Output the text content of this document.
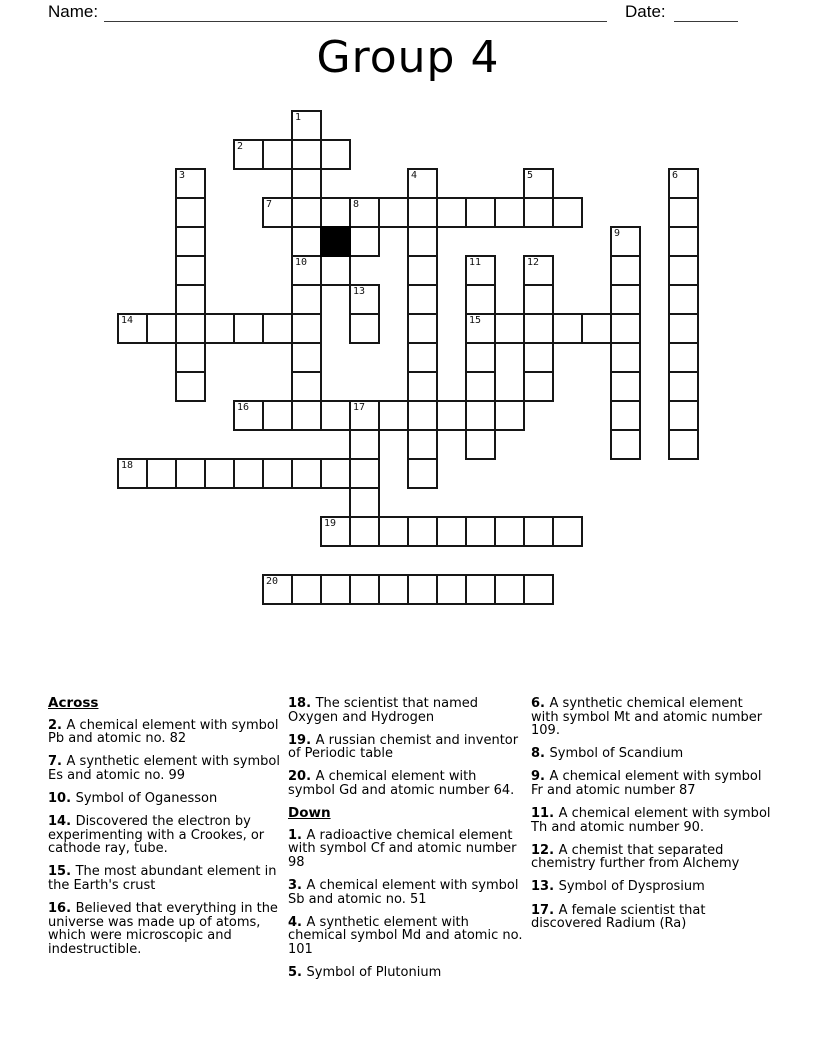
Name:	Date:
Group 4
1
2
3	4	5	6
7	8
9
10	11	12
13
14	15
16	17
18
19
20

Across

2. A chemical element with symbol Pb and atomic no. 82

7. A synthetic element with symbol Es and atomic no. 99

10. Symbol of Oganesson

14. Discovered the electron by experimenting with a Crookes, or cathode ray, tube.

15. The most abundant element in the Earth's crust

16. Believed that everything in the universe was made up of atoms, which were microscopic and indestructible.

18. The scientist that named Oxygen and Hydrogen

19. A russian chemist and inventor of Periodic table

20. A chemical element with symbol Gd and atomic number 64.

Down

1. A radioactive chemical element with symbol Cf and atomic number 98

3. A chemical element with symbol Sb and atomic no. 51

4. A synthetic element with chemical symbol Md and atomic no. 101

5. Symbol of Plutonium

6. A synthetic chemical element with symbol Mt and atomic number 109.

8. Symbol of Scandium

9. A chemical element with symbol Fr and atomic number 87

11. A chemical element with symbol Th and atomic number 90.

12. A chemist that separated chemistry further from Alchemy

13. Symbol of Dysprosium

17. A female scientist that discovered Radium (Ra)
